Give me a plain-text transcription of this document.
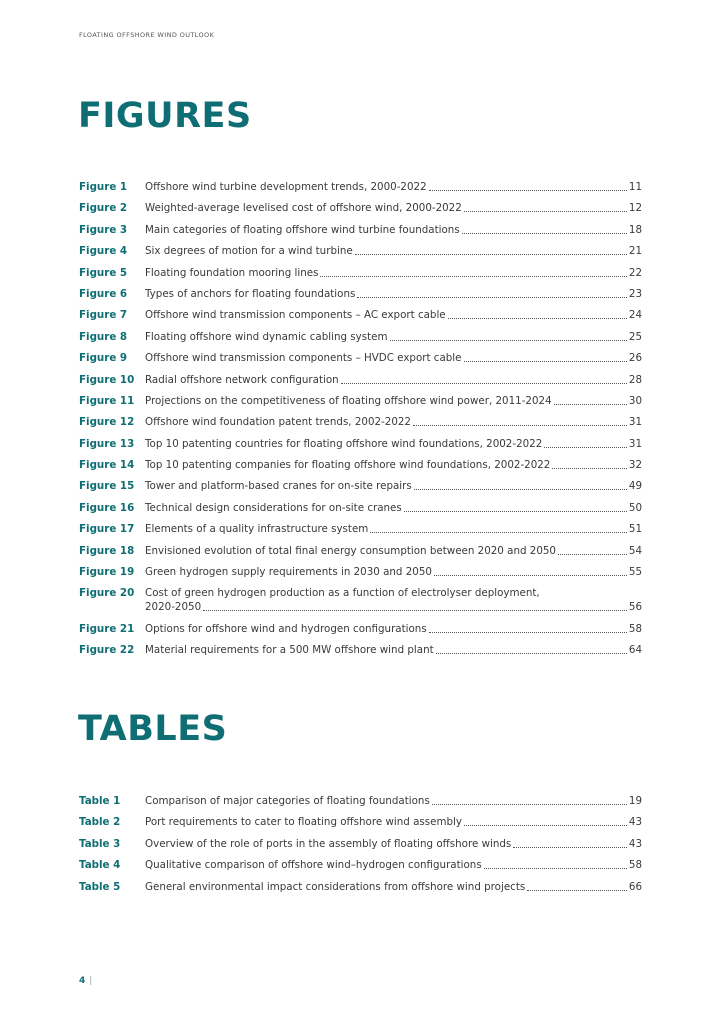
FLOATING OFFSHORE WIND OUTLOOK
FIGURES
Figure 1	Offshore wind turbine development trends, 2000-2022	11
Figure 2	Weighted-average levelised cost of offshore wind, 2000-2022	12
Figure 3	Main categories of floating offshore wind turbine foundations	18
Figure 4	Six degrees of motion for a wind turbine	21
Figure 5	Floating foundation mooring lines	22
Figure 6	Types of anchors for floating foundations	23
Figure 7	Offshore wind transmission components – AC export cable	24
Figure 8	Floating offshore wind dynamic cabling system	25
Figure 9	Offshore wind transmission components – HVDC export cable	26
Figure 10	Radial offshore network configuration	28
Figure 11	Projections on the competitiveness of floating offshore wind power, 2011-2024	30
Figure 12	Offshore wind foundation patent trends, 2002-2022	31
Figure 13	Top 10 patenting countries for floating offshore wind foundations, 2002-2022	31
Figure 14	Top 10 patenting companies for floating offshore wind foundations, 2002-2022	32
Figure 15	Tower and platform-based cranes for on-site repairs	49
Figure 16	Technical design considerations for on-site cranes	50
Figure 17	Elements of a quality infrastructure system	51
Figure 18	Envisioned evolution of total final energy consumption between 2020 and 2050	54
Figure 19	Green hydrogen supply requirements in 2030 and 2050	55
Figure 20	Cost of green hydrogen production as a function of electrolyser deployment,
2020-2050	56
Figure 21	Options for offshore wind and hydrogen configurations	58
Figure 22	Material requirements for a 500 MW offshore wind plant	64
TABLES
Table 1	Comparison of major categories of floating foundations	19
Table 2	Port requirements to cater to floating offshore wind assembly	43
Table 3	Overview of the role of ports in the assembly of floating offshore winds	43
Table 4	Qualitative comparison of offshore wind–hydrogen configurations	58
Table 5	General environmental impact considerations from offshore wind projects	66
4 |
